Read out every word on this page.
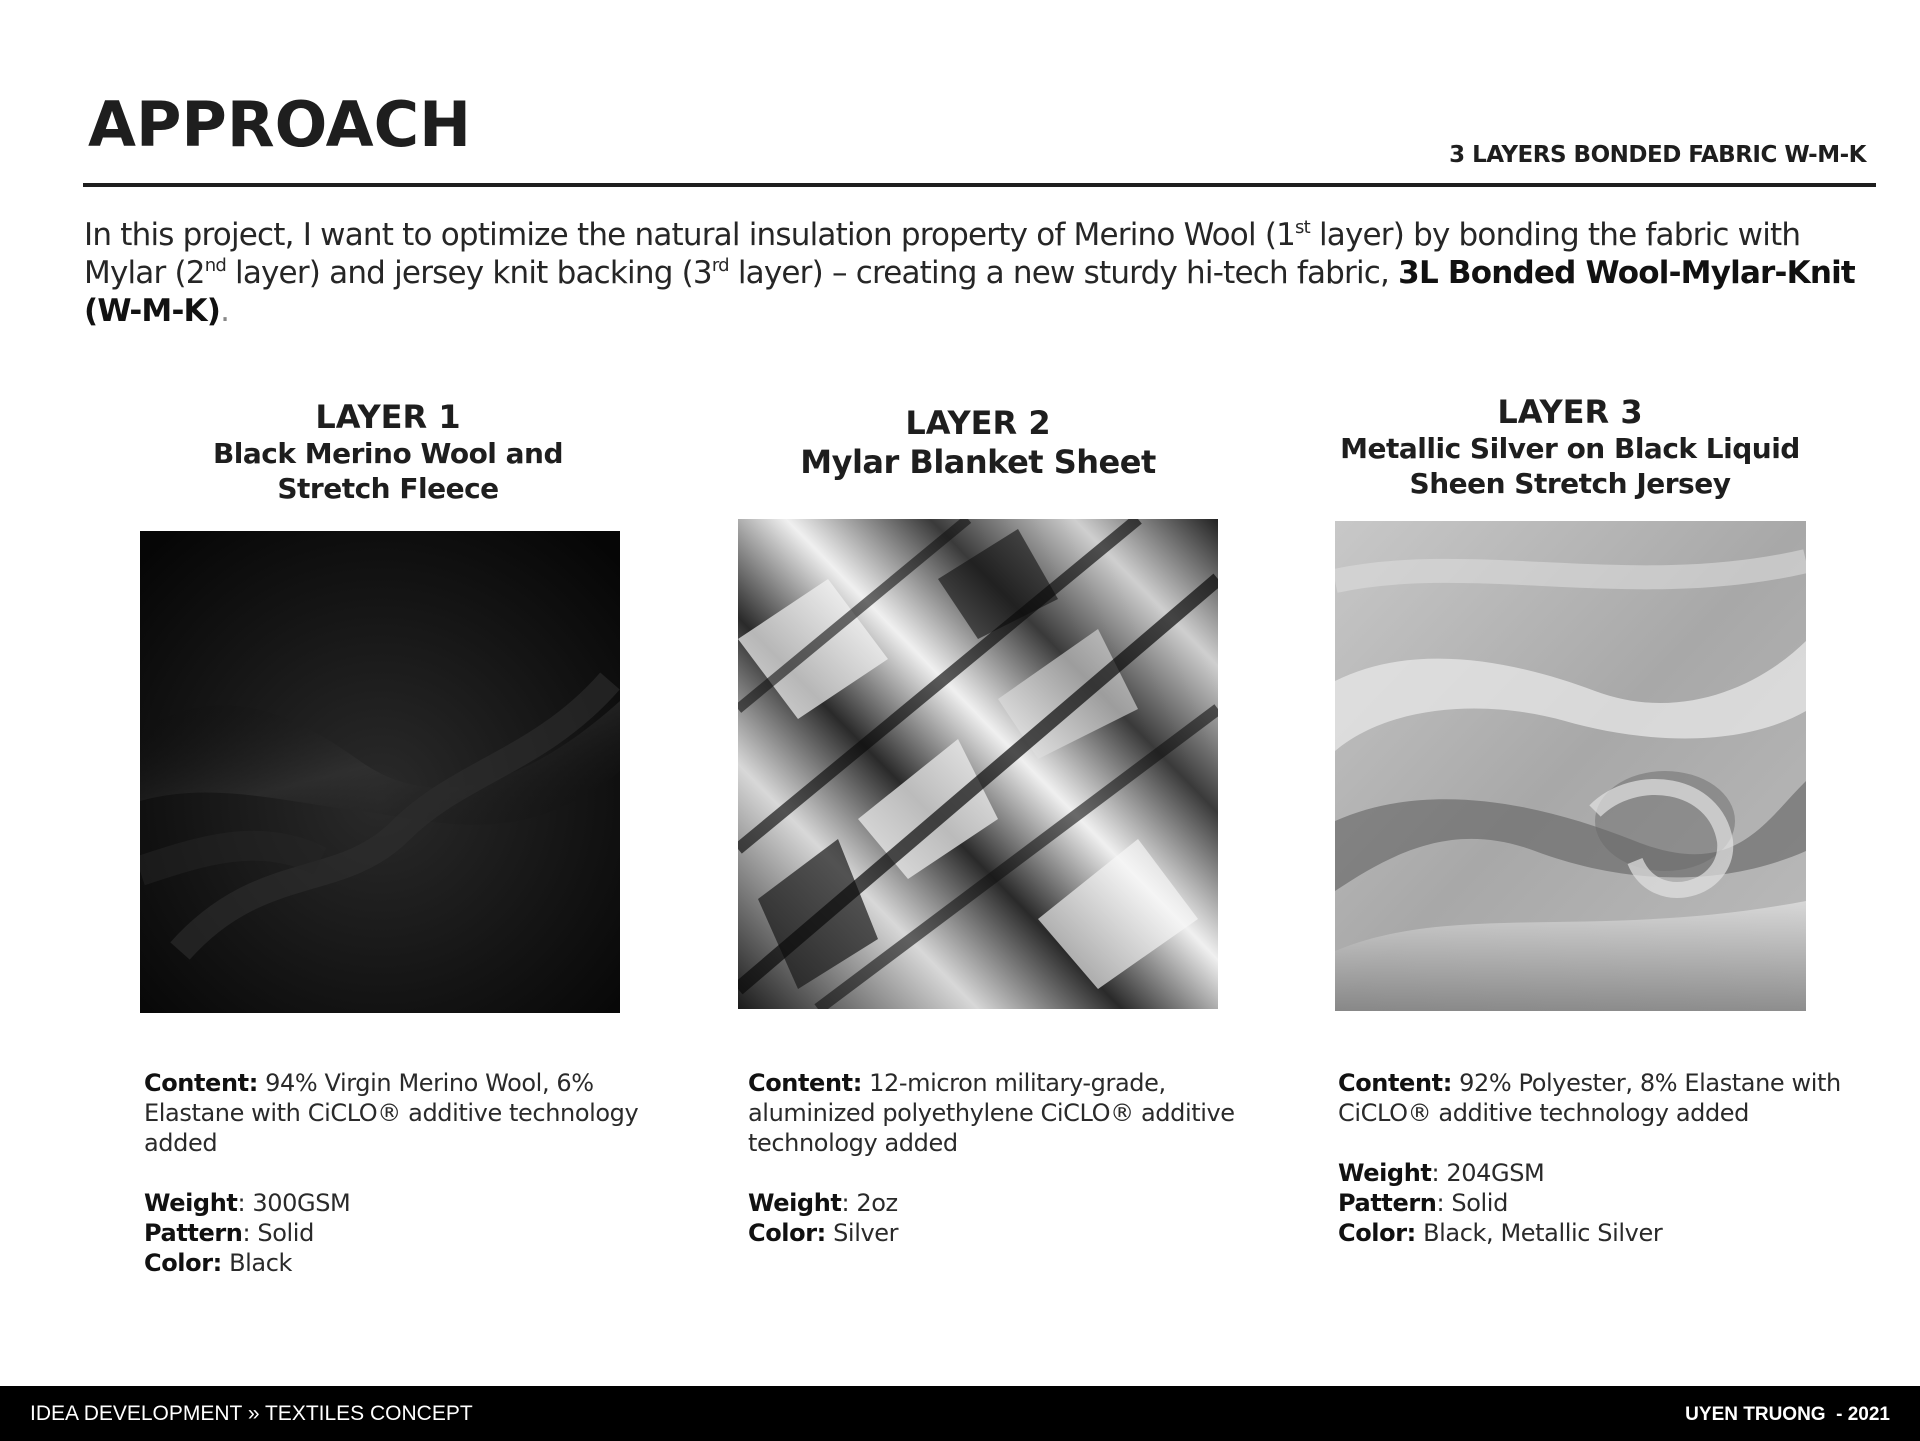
APPROACH	3 LAYERS BONDED FABRIC W-M-K
In this project, I want to optimize the natural insulation property of Merino Wool (1st layer) by bonding the fabric with Mylar (2nd layer) and jersey knit backing (3rd layer) – creating a new sturdy hi-tech fabric, 3L Bonded Wool-Mylar-Knit (W-M-K).
LAYER 1
Black Merino Wool and
Stretch Fleece

Content: 94% Virgin Merino Wool, 6%

Elastane with CiCLO® additive technology

added

Weight: 300GSM

Pattern: Solid

Color: Black

LAYER 2
Mylar Blanket Sheet

Content: 12-micron military-grade,

aluminized polyethylene CiCLO® additive

technology added

Weight: 2oz

Color: Silver

LAYER 3
Metallic Silver on Black Liquid
Sheen Stretch Jersey

Content: 92% Polyester, 8% Elastane with

CiCLO® additive technology added

Weight: 204GSM

Pattern: Solid

Color: Black, Metallic Silver

IDEA DEVELOPMENT » TEXTILES CONCEPT	UYEN TRUONG  - 2021
